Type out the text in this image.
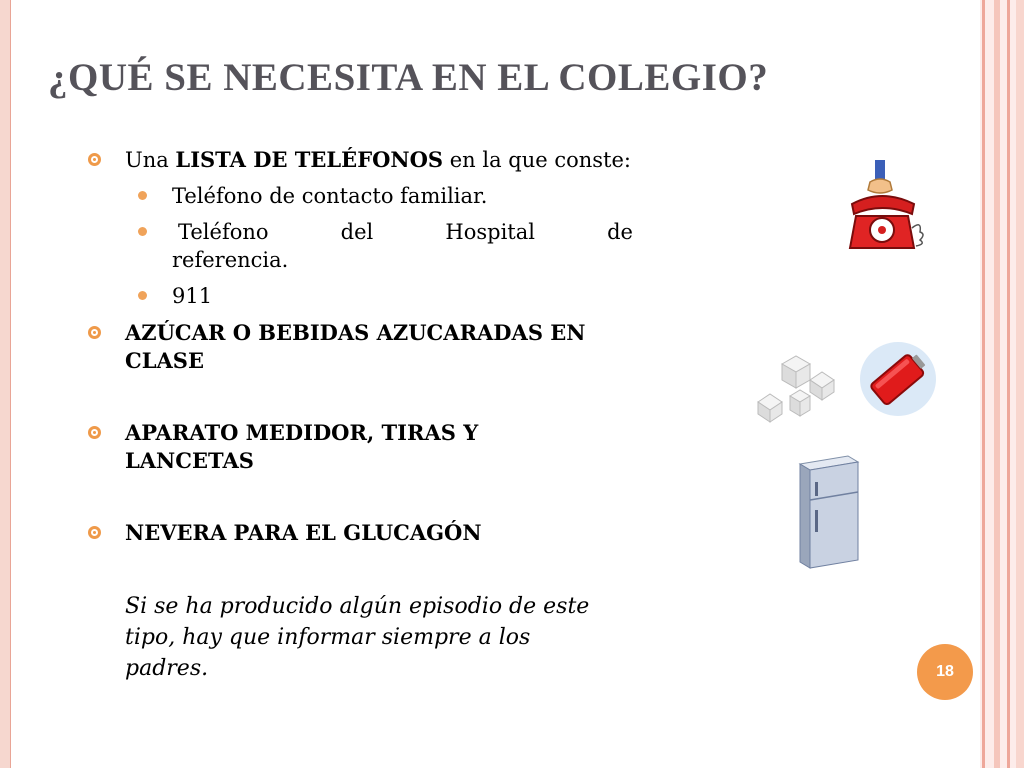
¿QUÉ SE NECESITA EN EL COLEGIO?
Una LISTA DE TELÉFONOS en la que conste:
Teléfono de contacto familiar.
Teléfono	del	Hospital	de
referencia.
911
AZÚCAR O BEBIDAS AZUCARADAS EN CLASE
APARATO MEDIDOR, TIRAS Y LANCETAS
NEVERA PARA EL GLUCAGÓN
Si se ha producido algún episodio de este tipo, hay que informar siempre a los padres.	18
